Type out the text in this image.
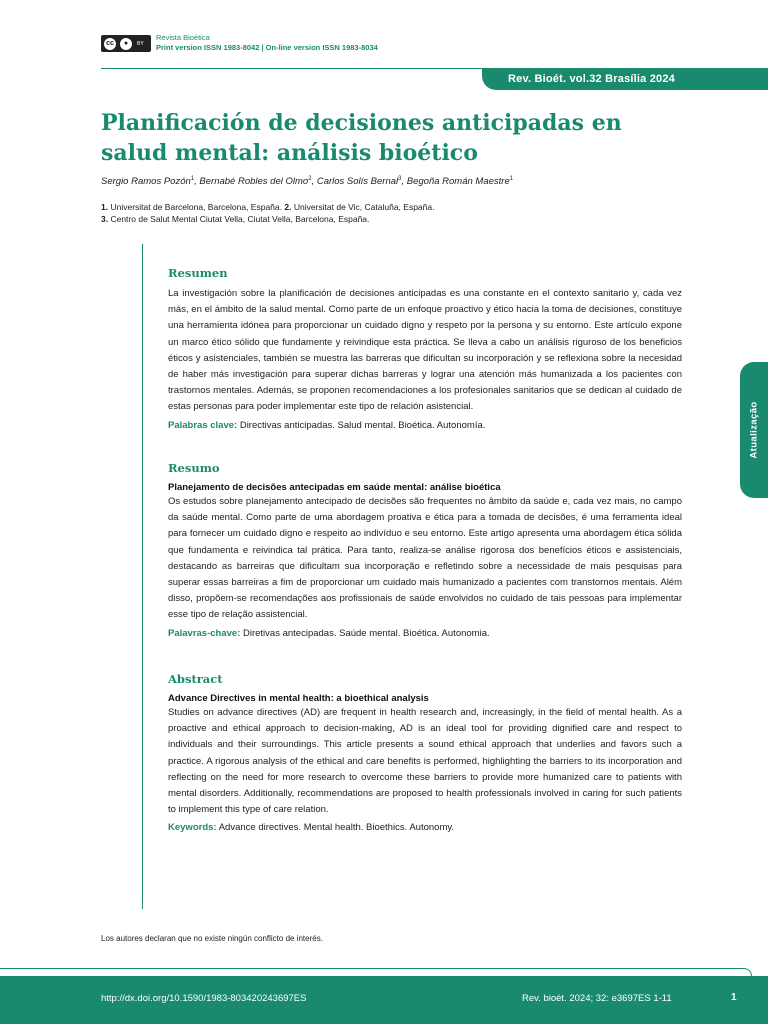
cc	●	BY
Revista Bioética
Print version ISSN 1983-8042 | On-line version ISSN 1983-8034
Rev. Bioét. vol.32 Brasília 2024
Planificación de decisiones anticipadas en salud mental: análisis bioético
Sergio Ramos Pozón$^1$, Bernabé Robles del Olmo$^2$, Carlos Solís Bernal$^3$, Begoña Román Maestre$^1$
1. Universitat de Barcelona, Barcelona, España. 2. Universitat de Vic, Cataluña, España.
3. Centro de Salut Mental Ciutat Vella, Ciutat Vella, Barcelona, España.
Resumen

La investigación sobre la planificación de decisiones anticipadas es una constante en el contexto sanitario y, cada vez más, en el ámbito de la salud mental. Como parte de un enfoque proactivo y ético hacia la toma de decisiones, constituye una herramienta idónea para proporcionar un cuidado digno y respeto por la persona y su entorno. Este artículo expone un marco ético sólido que fundamente y reivindique esta práctica. Se lleva a cabo un análisis riguroso de los beneficios éticos y asistenciales, también se muestra las barreras que dificultan su incorporación y se reflexiona sobre la necesidad de haber más investigación para superar dichas barreras y lograr una atención más humanizada a los pacientes con trastornos mentales. Además, se proponen recomendaciones a los profesionales sanitarios que se dedican al cuidado de estas personas para poder implementar este tipo de relación asistencial.

Palabras clave: Directivas anticipadas. Salud mental. Bioética. Autonomía.

Resumo
Planejamento de decisões antecipadas em saúde mental: análise bioética

Os estudos sobre planejamento antecipado de decisões são frequentes no âmbito da saúde e, cada vez mais, no campo da saúde mental. Como parte de uma abordagem proativa e ética para a tomada de decisões, é uma ferramenta ideal para fornecer um cuidado digno e respeito ao indivíduo e seu entorno. Este artigo apresenta uma abordagem ética sólida que fundamenta e reivindica tal prática. Para tanto, realiza-se análise rigorosa dos benefícios éticos e assistenciais, destacando as barreiras que dificultam sua incorporação e refletindo sobre a necessidade de mais pesquisas para superar essas barreiras a fim de proporcionar um cuidado mais humanizado a pacientes com transtornos mentais. Além disso, propõem-se recomendações aos profissionais de saúde envolvidos no cuidado de tais pessoas para implementar esse tipo de relação assistencial.

Palavras-chave: Diretivas antecipadas. Saúde mental. Bioética. Autonomia.

Abstract
Advance Directives in mental health: a bioethical analysis

Studies on advance directives (AD) are frequent in health research and, increasingly, in the field of mental health. As a proactive and ethical approach to decision-making, AD is an ideal tool for providing dignified care and respect to individuals and their surroundings. This article presents a sound ethical approach that underlies and favors such a practice. A rigorous analysis of the ethical and care benefits is performed, highlighting the barriers to its incorporation and reflecting on the need for more research to overcome these barriers to provide more humanized care to patients with mental disorders. Additionally, recommendations are proposed to health professionals involved in caring for such patients to implement this type of care relation.

Keywords: Advance directives. Mental health. Bioethics. Autonomy.

Atualização
Los autores declaran que no existe ningún conflicto de interés.
http://dx.doi.org/10.1590/1983-803420243697ES	Rev. bioét. 2024; 32: e3697ES 1-11	1
